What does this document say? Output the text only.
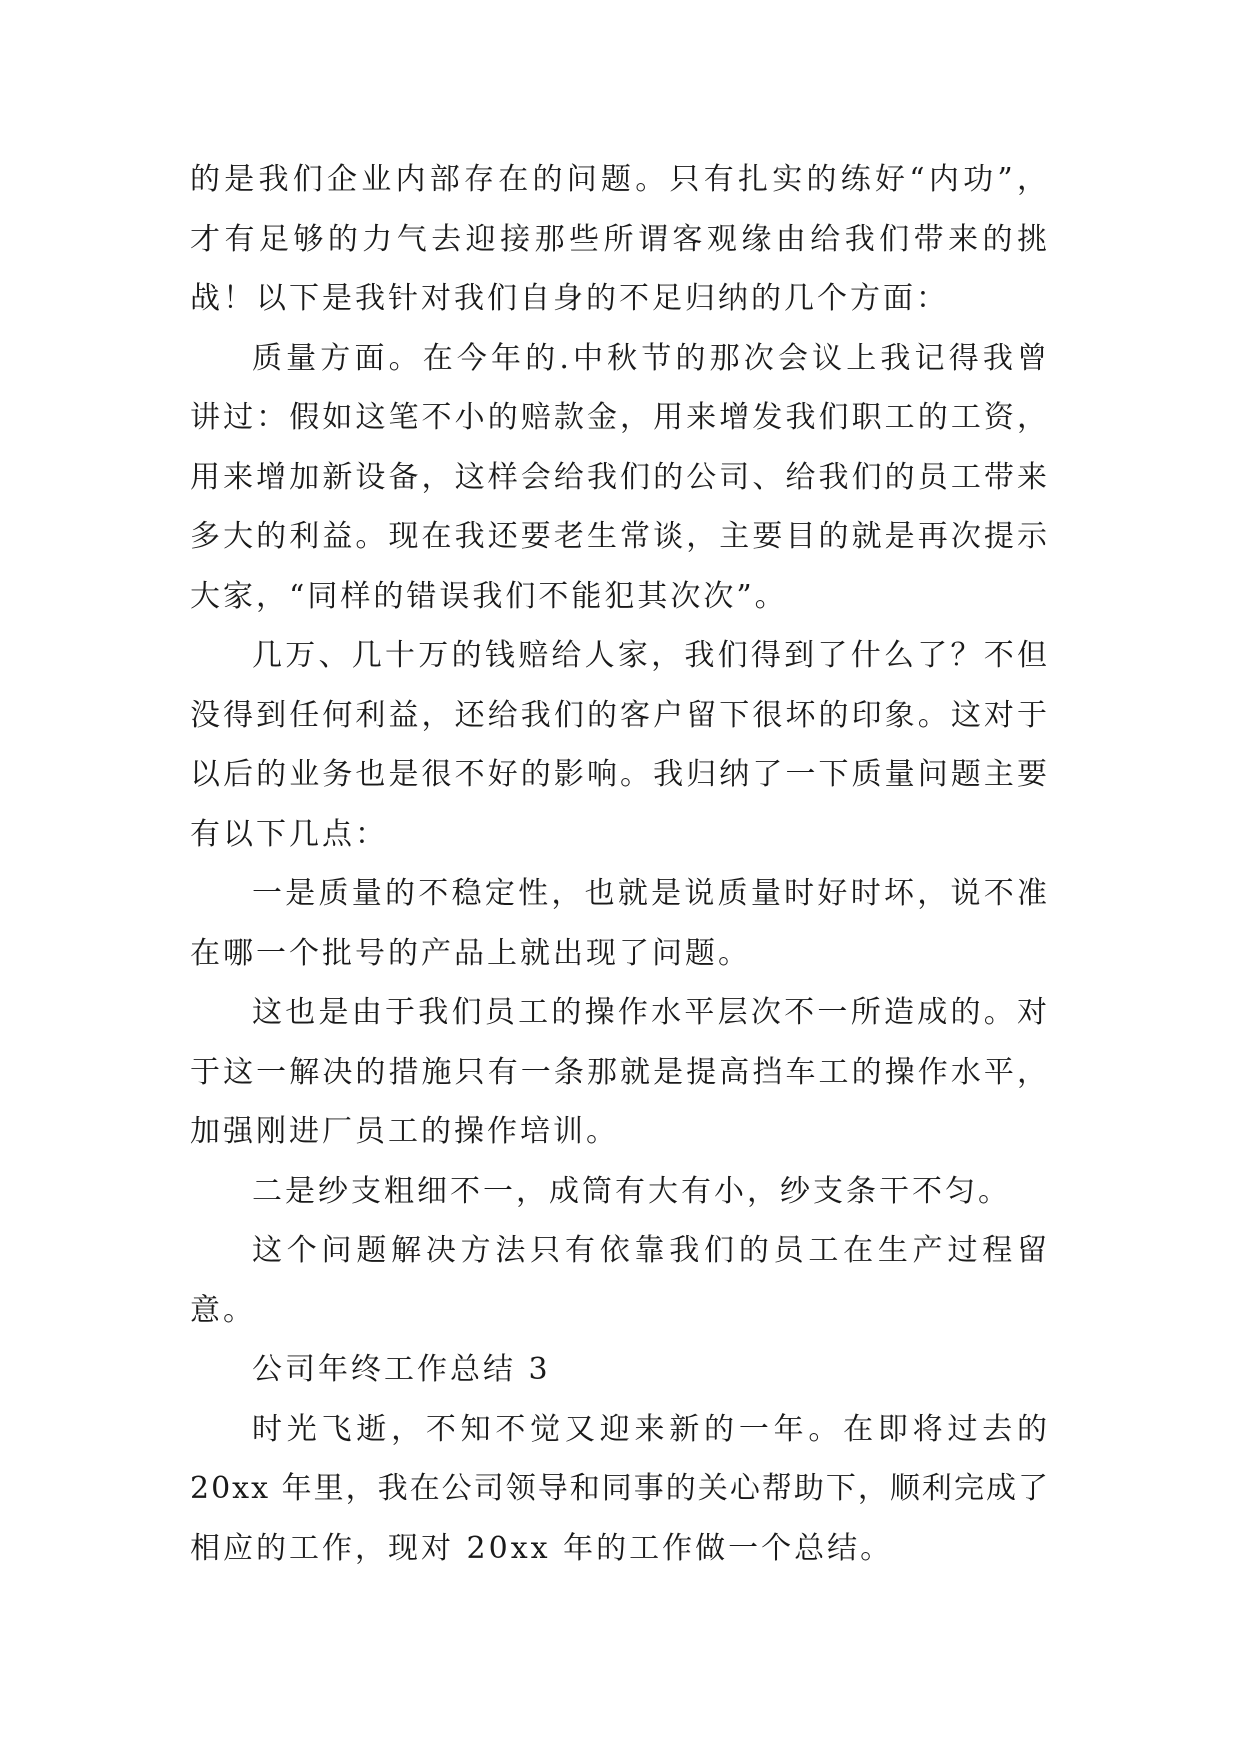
的是我们企业内部存在的问题。只有扎实的练好“内功”，
才有足够的力气去迎接那些所谓客观缘由给我们带来的挑
战！以下是我针对我们自身的不足归纳的几个方面：
质量方面。在今年的.中秋节的那次会议上我记得我曾
讲过：假如这笔不小的赔款金，用来增发我们职工的工资，
用来增加新设备，这样会给我们的公司、给我们的员工带来
多大的利益。现在我还要老生常谈，主要目的就是再次提示
大家，“同样的错误我们不能犯其次次”。
几万、几十万的钱赔给人家，我们得到了什么了？不但
没得到任何利益，还给我们的客户留下很坏的印象。这对于
以后的业务也是很不好的影响。我归纳了一下质量问题主要
有以下几点：
一是质量的不稳定性，也就是说质量时好时坏，说不准
在哪一个批号的产品上就出现了问题。
这也是由于我们员工的操作水平层次不一所造成的。对
于这一解决的措施只有一条那就是提高挡车工的操作水平，
加强刚进厂员工的操作培训。
二是纱支粗细不一，成筒有大有小，纱支条干不匀。
这个问题解决方法只有依靠我们的员工在生产过程留
意。
公司年终工作总结 3
时光飞逝，不知不觉又迎来新的一年。在即将过去的
20xx 年里，我在公司领导和同事的关心帮助下，顺利完成了
相应的工作，现对 20xx 年的工作做一个总结。
